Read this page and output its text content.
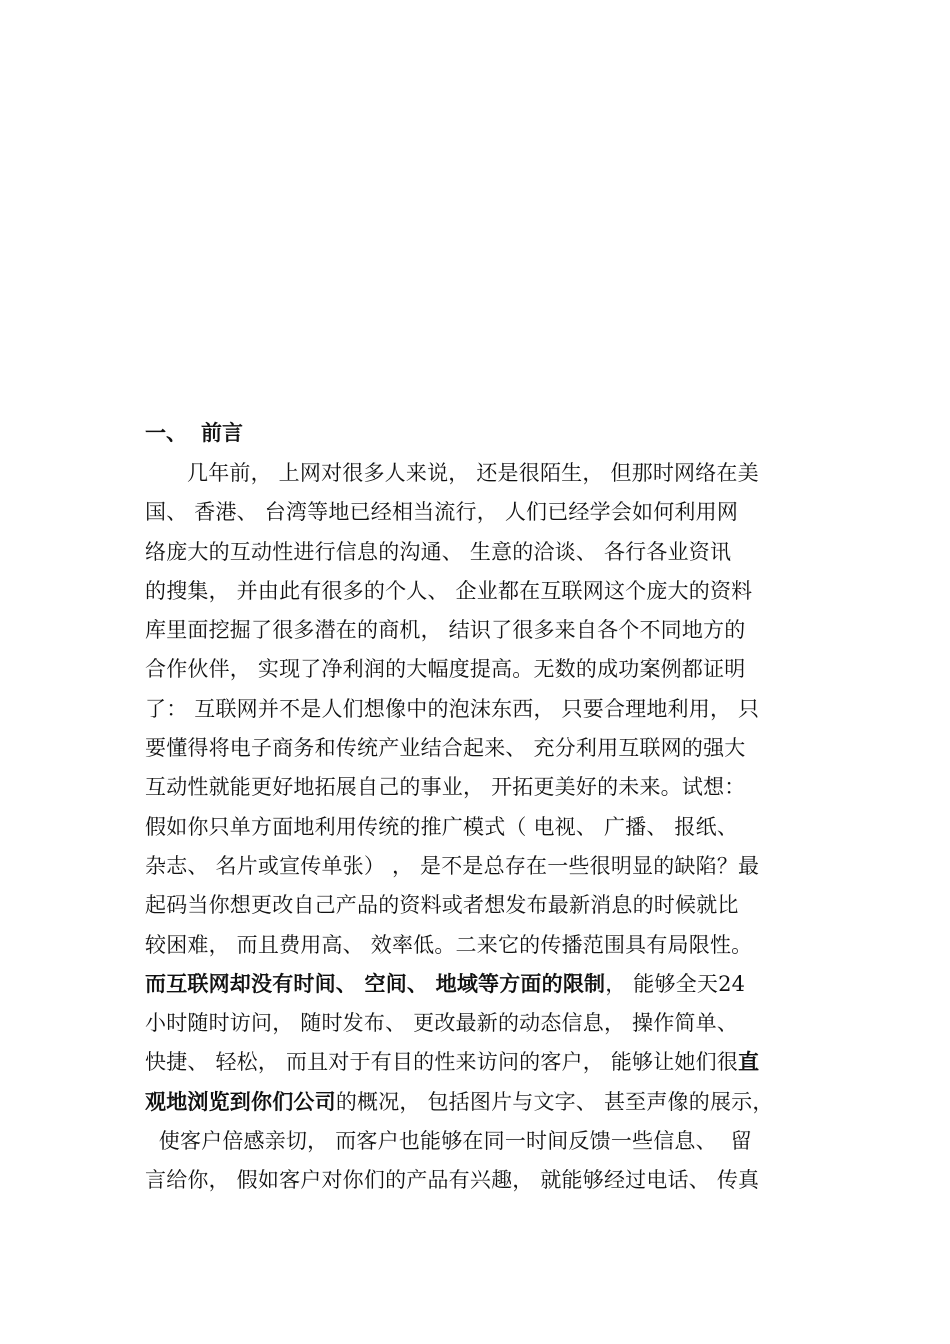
一、 前言
几年前， 上网对很多人来说， 还是很陌生， 但那时网络在美
国、 香港、 台湾等地已经相当流行， 人们已经学会如何利用网
络庞大的互动性进行信息的沟通、 生意的洽谈、 各行各业资讯
的搜集， 并由此有很多的个人、 企业都在互联网这个庞大的资料
库里面挖掘了很多潜在的商机， 结识了很多来自各个不同地方的
合作伙伴， 实现了净利润的大幅度提高。无数的成功案例都证明
了： 互联网并不是人们想像中的泡沫东西， 只要合理地利用， 只
要懂得将电子商务和传统产业结合起来、 充分利用互联网的强大
互动性就能更好地拓展自己的事业， 开拓更美好的未来。试想：
假如你只单方面地利用传统的推广模式（ 电视、 广播、 报纸、
杂志、 名片或宣传单张） ， 是不是总存在一些很明显的缺陷？最
起码当你想更改自己产品的资料或者想发布最新消息的时候就比
较困难， 而且费用高、 效率低。二来它的传播范围具有局限性。
而互联网却没有时间、 空间、 地域等方面的限制， 能够全天24
小时随时访问， 随时发布、 更改最新的动态信息， 操作简单、
快捷、 轻松， 而且对于有目的性来访问的客户， 能够让她们很直
观地浏览到你们公司的概况， 包括图片与文字、 甚至声像的展示，
使客户倍感亲切， 而客户也能够在同一时间反馈一些信息、  留
言给你， 假如客户对你们的产品有兴趣， 就能够经过电话、 传真
